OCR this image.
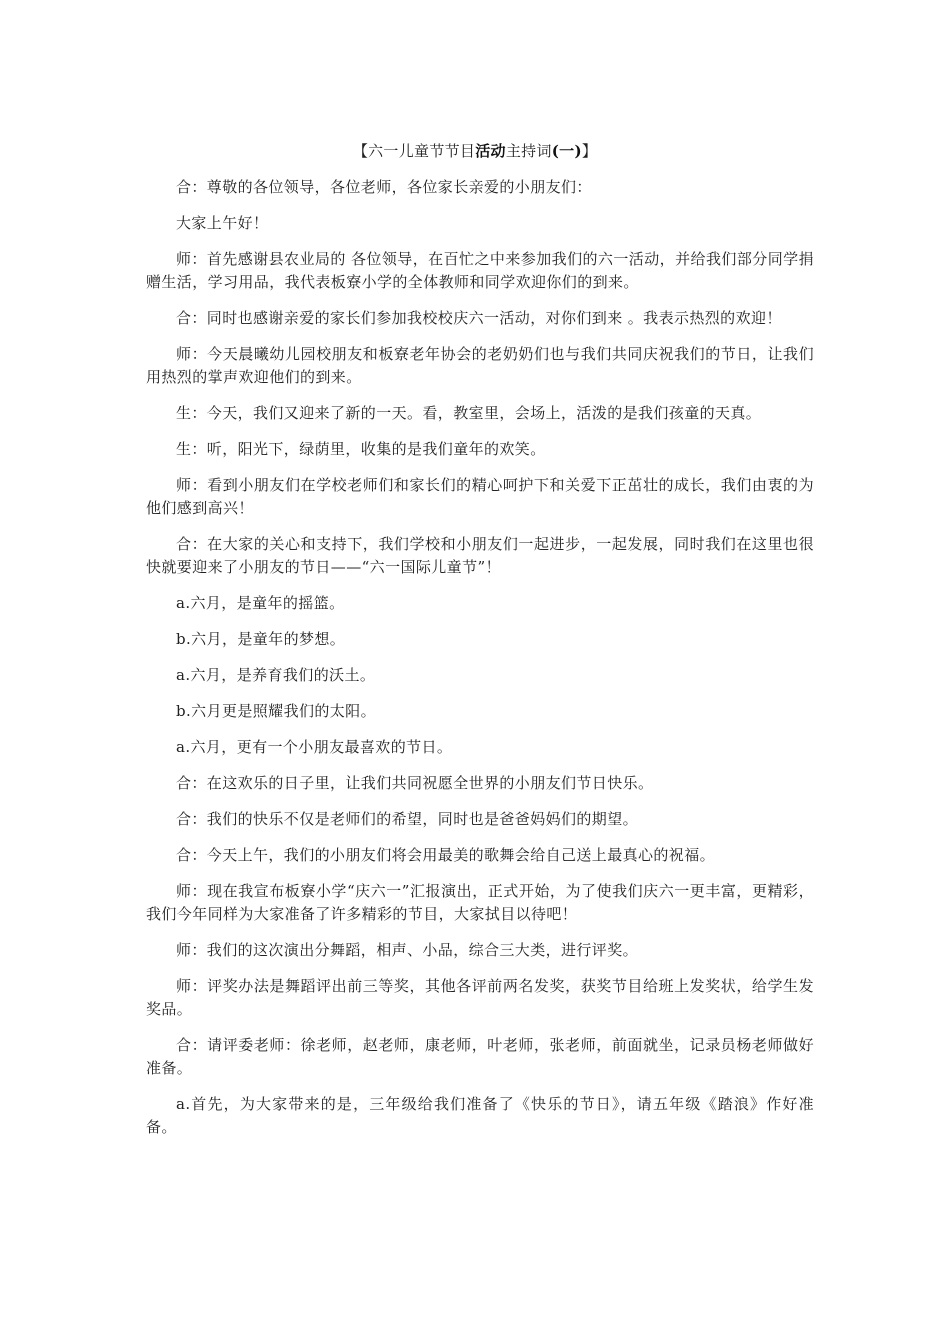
【六一儿童节节目活动主持词(一)】

合：尊敬的各位领导，各位老师，各位家长亲爱的小朋友们：

大家上午好！

师：首先感谢县农业局的 各位领导，在百忙之中来参加我们的六一活动，并给我们部分同学捐赠生活，学习用品，我代表板寮小学的全体教师和同学欢迎你们的到来。

合：同时也感谢亲爱的家长们参加我校校庆六一活动，对你们到来 。我表示热烈的欢迎！

师：今天晨曦幼儿园校朋友和板寮老年协会的老奶奶们也与我们共同庆祝我们的节日，让我们用热烈的掌声欢迎他们的到来。

生：今天，我们又迎来了新的一天。看，教室里，会场上，活泼的是我们孩童的天真。

生：听，阳光下，绿荫里，收集的是我们童年的欢笑。

师：看到小朋友们在学校老师们和家长们的精心呵护下和关爱下正茁壮的成长，我们由衷的为他们感到高兴！

合：在大家的关心和支持下，我们学校和小朋友们一起进步，一起发展，同时我们在这里也很快就要迎来了小朋友的节日——“六一国际儿童节”！

a.六月，是童年的摇篮。

b.六月，是童年的梦想。

a.六月，是养育我们的沃土。

b.六月更是照耀我们的太阳。

a.六月，更有一个小朋友最喜欢的节日。

合：在这欢乐的日子里，让我们共同祝愿全世界的小朋友们节日快乐。

合：我们的快乐不仅是老师们的希望，同时也是爸爸妈妈们的期望。

合：今天上午，我们的小朋友们将会用最美的歌舞会给自己送上最真心的祝福。

师：现在我宣布板寮小学“庆六一”汇报演出，正式开始，为了使我们庆六一更丰富，更精彩，我们今年同样为大家准备了许多精彩的节目，大家拭目以待吧！

师：我们的这次演出分舞蹈，相声、小品，综合三大类，进行评奖。

师：评奖办法是舞蹈评出前三等奖，其他各评前两名发奖，获奖节目给班上发奖状，给学生发奖品。

合：请评委老师：徐老师，赵老师，康老师，叶老师，张老师，前面就坐，记录员杨老师做好准备。

a.首先，为大家带来的是，三年级给我们准备了《快乐的节日》，请五年级《踏浪》作好准备。
